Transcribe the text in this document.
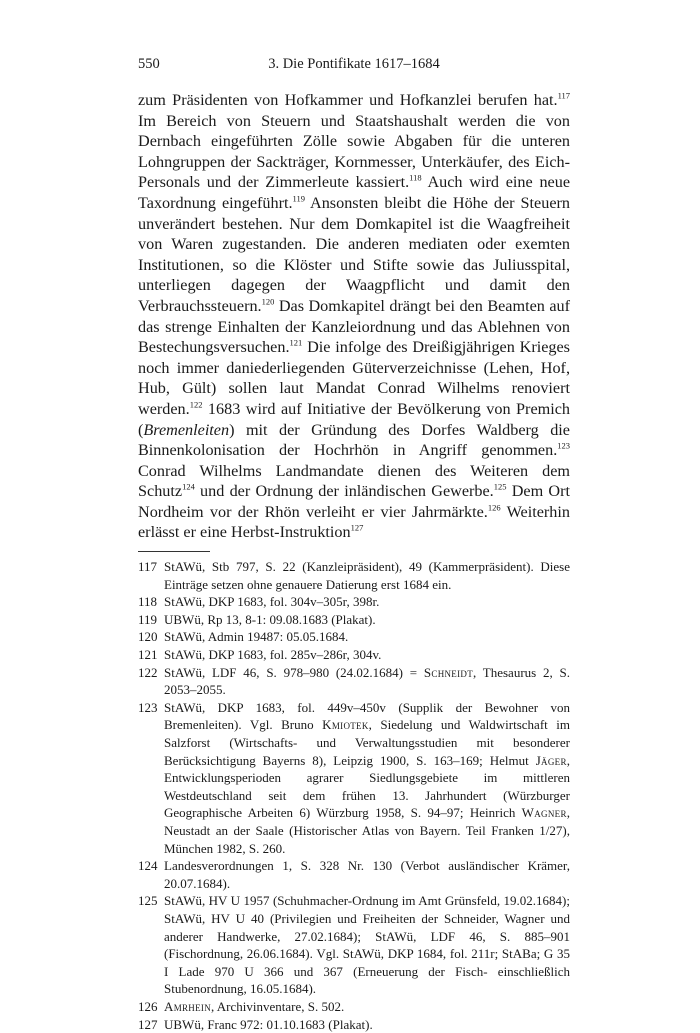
550	3. Die Pontifikate 1617–1684

zum Präsidenten von Hofkammer und Hofkanzlei berufen hat.$^{117}$ Im Bereich von Steuern und Staatshaushalt werden die von Dernbach eingeführten Zölle sowie Abgaben für die unteren Lohngruppen der Sackträger, Kornmesser, Unterkäufer, des Eich-Personals und der Zimmerleute kassiert.$^{118}$ Auch wird eine neue Taxordnung eingeführt.$^{119}$ Ansonsten bleibt die Höhe der Steuern unverändert bestehen. Nur dem Domkapitel ist die Waagfreiheit von Waren zugestanden. Die anderen mediaten oder exemten Institutionen, so die Klöster und Stifte sowie das Juliusspital, unterliegen dagegen der Waagpflicht und damit den Verbrauchssteuern.$^{120}$ Das Domkapitel drängt bei den Beamten auf das strenge Einhalten der Kanzleiordnung und das Ablehnen von Bestechungsversuchen.$^{121}$ Die infolge des Dreißigjährigen Krieges noch immer daniederliegenden Güterverzeichnisse (Lehen, Hof, Hub, Gült) sollen laut Mandat Conrad Wilhelms renoviert werden.$^{122}$ 1683 wird auf Initiative der Bevölkerung von Premich (Bremenleiten) mit der Gründung des Dorfes Waldberg die Binnenkolonisation der Hochrhön in Angriff genommen.$^{123}$ Conrad Wilhelms Landmandate dienen des Weiteren dem Schutz$^{124}$ und der Ordnung der inländischen Gewerbe.$^{125}$ Dem Ort Nordheim vor der Rhön verleiht er vier Jahrmärkte.$^{126}$ Weiterhin erlässt er eine Herbst-Instruktion$^{127}$

117 StAWü, Stb 797, S. 22 (Kanzleipräsident), 49 (Kammerpräsident). Diese Einträge setzen ohne genauere Datierung erst 1684 ein.
118 StAWü, DKP 1683, fol. 304v–305r, 398r.
119 UBWü, Rp 13, 8-1: 09.08.1683 (Plakat).
120 StAWü, Admin 19487: 05.05.1684.
121 StAWü, DKP 1683, fol. 285v–286r, 304v.
122 StAWü, LDF 46, S. 978–980 (24.02.1684) = Schneidt, Thesaurus 2, S. 2053–2055.
123 StAWü, DKP 1683, fol. 449v–450v (Supplik der Bewohner von Bremenleiten). Vgl. Bruno Kmiotek, Siedelung und Waldwirtschaft im Salzforst (Wirtschafts- und Verwaltungsstudien mit besonderer Berücksichtigung Bayerns 8), Leipzig 1900, S. 163–169; Helmut Jäger, Entwicklungsperioden agrarer Siedlungsgebiete im mittleren Westdeutschland seit dem frühen 13. Jahrhundert (Würzburger Geographische Arbeiten 6) Würzburg 1958, S. 94–97; Heinrich Wagner, Neustadt an der Saale (Historischer Atlas von Bayern. Teil Franken 1/27), München 1982, S. 260.
124 Landesverordnungen 1, S. 328 Nr. 130 (Verbot ausländischer Krämer, 20.07.1684).
125 StAWü, HV U 1957 (Schuhmacher-Ordnung im Amt Grünsfeld, 19.02.1684); StAWü, HV U 40 (Privilegien und Freiheiten der Schneider, Wagner und anderer Handwerke, 27.02.1684); StAWü, LDF 46, S. 885–901 (Fischordnung, 26.06.1684). Vgl. StAWü, DKP 1684, fol. 211r; StABa; G 35 I Lade 970 U 366 und 367 (Erneuerung der Fisch- einschließlich Stubenordnung, 16.05.1684).
126 Amrhein, Archivinventare, S. 502.
127 UBWü, Franc 972: 01.10.1683 (Plakat).
